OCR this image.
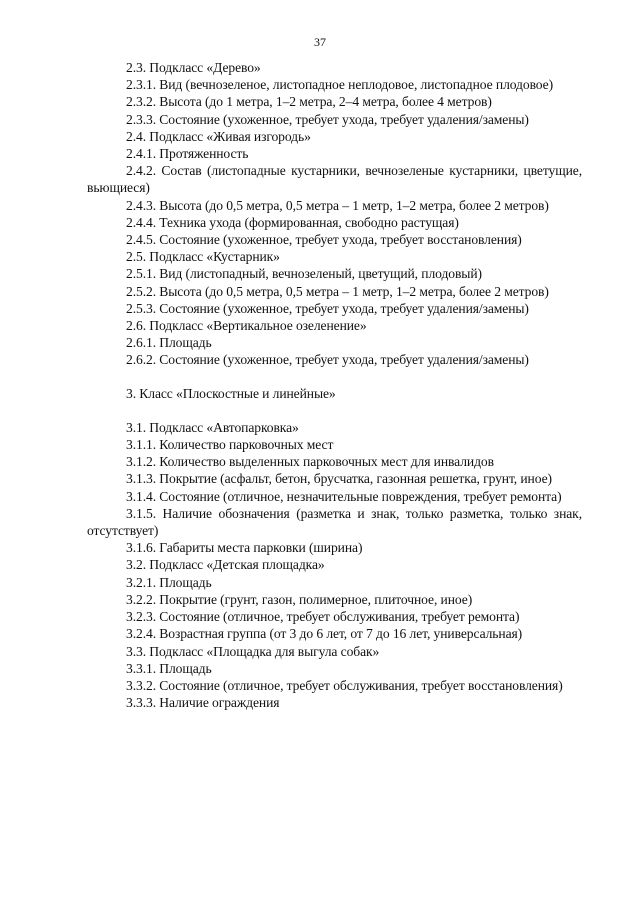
37

2.3. Подкласс «Дерево»

2.3.1. Вид (вечнозеленое, листопадное неплодовое, листопадное плодовое)

2.3.2. Высота (до 1 метра, 1–2 метра, 2–4 метра, более 4 метров)

2.3.3. Состояние (ухоженное, требует ухода, требует удаления/замены)

2.4. Подкласс «Живая изгородь»

2.4.1. Протяженность

2.4.2. Состав (листопадные кустарники, вечнозеленые кустарники, цветущие, вьющиеся)

2.4.3. Высота (до 0,5 метра, 0,5 метра – 1 метр, 1–2 метра, более 2 метров)

2.4.4. Техника ухода (формированная, свободно растущая)

2.4.5. Состояние (ухоженное, требует ухода, требует восстановления)

2.5. Подкласс «Кустарник»

2.5.1. Вид (листопадный, вечнозеленый, цветущий, плодовый)

2.5.2. Высота (до 0,5 метра, 0,5 метра – 1 метр, 1–2 метра, более 2 метров)

2.5.3. Состояние (ухоженное, требует ухода, требует удаления/замены)

2.6. Подкласс «Вертикальное озеленение»

2.6.1. Площадь

2.6.2. Состояние (ухоженное, требует ухода, требует удаления/замены)

3. Класс «Плоскостные и линейные»

3.1. Подкласс «Автопарковка»

3.1.1. Количество парковочных мест

3.1.2. Количество выделенных парковочных мест для инвалидов

3.1.3. Покрытие (асфальт, бетон, брусчатка, газонная решетка, грунт, иное)

3.1.4. Состояние (отличное, незначительные повреждения, требует ремонта)

3.1.5. Наличие обозначения (разметка и знак, только разметка, только знак, отсутствует)

3.1.6. Габариты места парковки (ширина)

3.2. Подкласс «Детская площадка»

3.2.1. Площадь

3.2.2. Покрытие (грунт, газон, полимерное, плиточное, иное)

3.2.3. Состояние (отличное, требует обслуживания, требует ремонта)

3.2.4. Возрастная группа (от 3 до 6 лет, от 7 до 16 лет, универсальная)

3.3. Подкласс «Площадка для выгула собак»

3.3.1. Площадь

3.3.2. Состояние (отличное, требует обслуживания, требует восстановления)

3.3.3. Наличие ограждения
